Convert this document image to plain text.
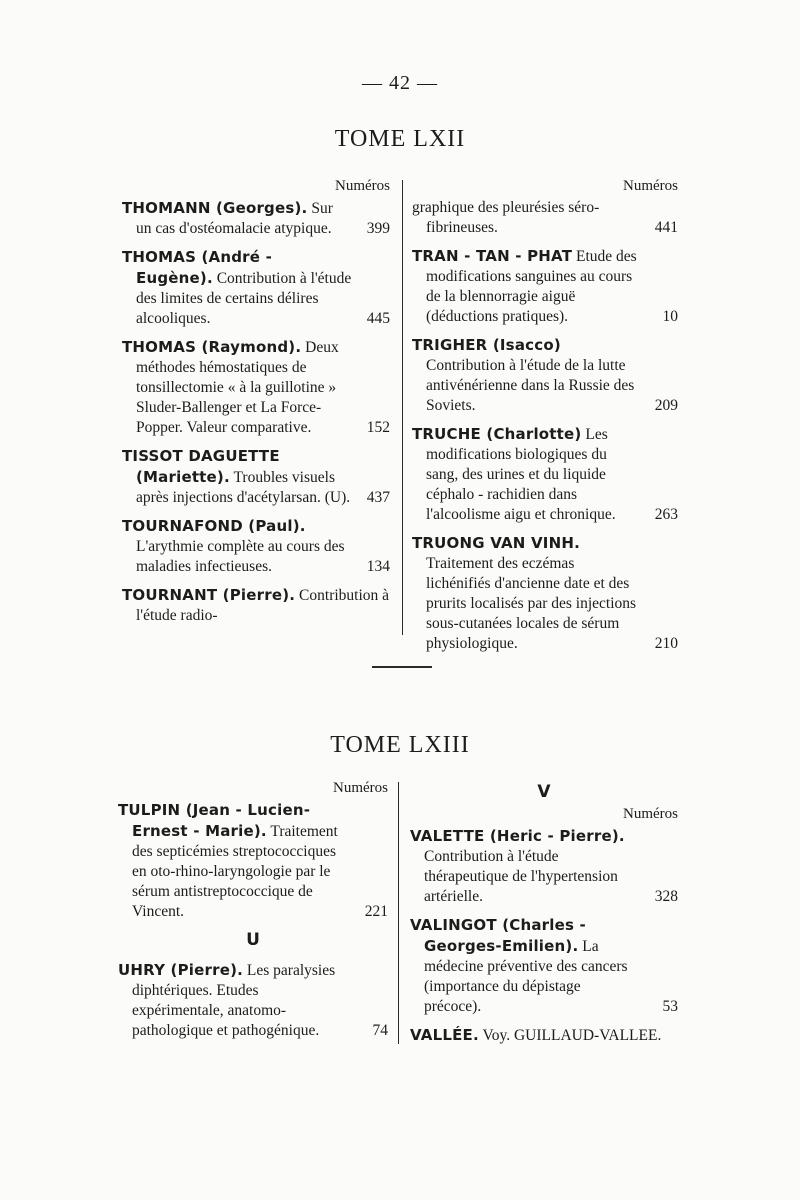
— 42 —
TOME LXII
Numéros
THOMANN (Georges). Sur un cas d'ostéomalacie atypique.	399
THOMAS (André - Eugène). Contribution à l'étude des limites de certains délires alcooliques.	445
THOMAS (Raymond). Deux méthodes hémostatiques de tonsillectomie « à la guillotine » Sluder-Ballenger et La Force-Popper. Valeur comparative.	152
TISSOT DAGUETTE (Mariette). Troubles visuels après injections d'acétylarsan. (U).	437
TOURNAFOND (Paul). L'arythmie complète au cours des maladies infectieuses.	134
TOURNANT (Pierre). Contribution à l'étude radio-
Numéros
graphique des pleurésies séro-fibrineuses.	441
TRAN - TAN - PHAT Etude des modifications sanguines au cours de la blennorragie aiguë (déductions pratiques).	10
TRIGHER (Isacco) Contribution à l'étude de la lutte antivénérienne dans la Russie des Soviets.	209
TRUCHE (Charlotte) Les modifications biologiques du sang, des urines et du liquide céphalo - rachidien dans l'alcoolisme aigu et chronique.	263
TRUONG VAN VINH. Traitement des eczémas lichénifiés d'ancienne date et des prurits localisés par des injections sous-cutanées locales de sérum physiologique.	210
TOME LXIII
Numéros
TULPIN (Jean - Lucien-Ernest - Marie). Traitement des septicémies streptococciques en oto-rhino-laryngologie par le sérum antistreptococcique de Vincent.	221
U
UHRY (Pierre). Les paralysies diphtériques. Etudes expérimentale, anatomo-pathologique et pathogénique.	74
V
Numéros
VALETTE (Heric - Pierre). Contribution à l'étude thérapeutique de l'hypertension artérielle.	328
VALINGOT (Charles - Georges-Emilien). La médecine préventive des cancers (importance du dépistage précoce).	53
VALLÉE. Voy. GUILLAUD-VALLEE.
